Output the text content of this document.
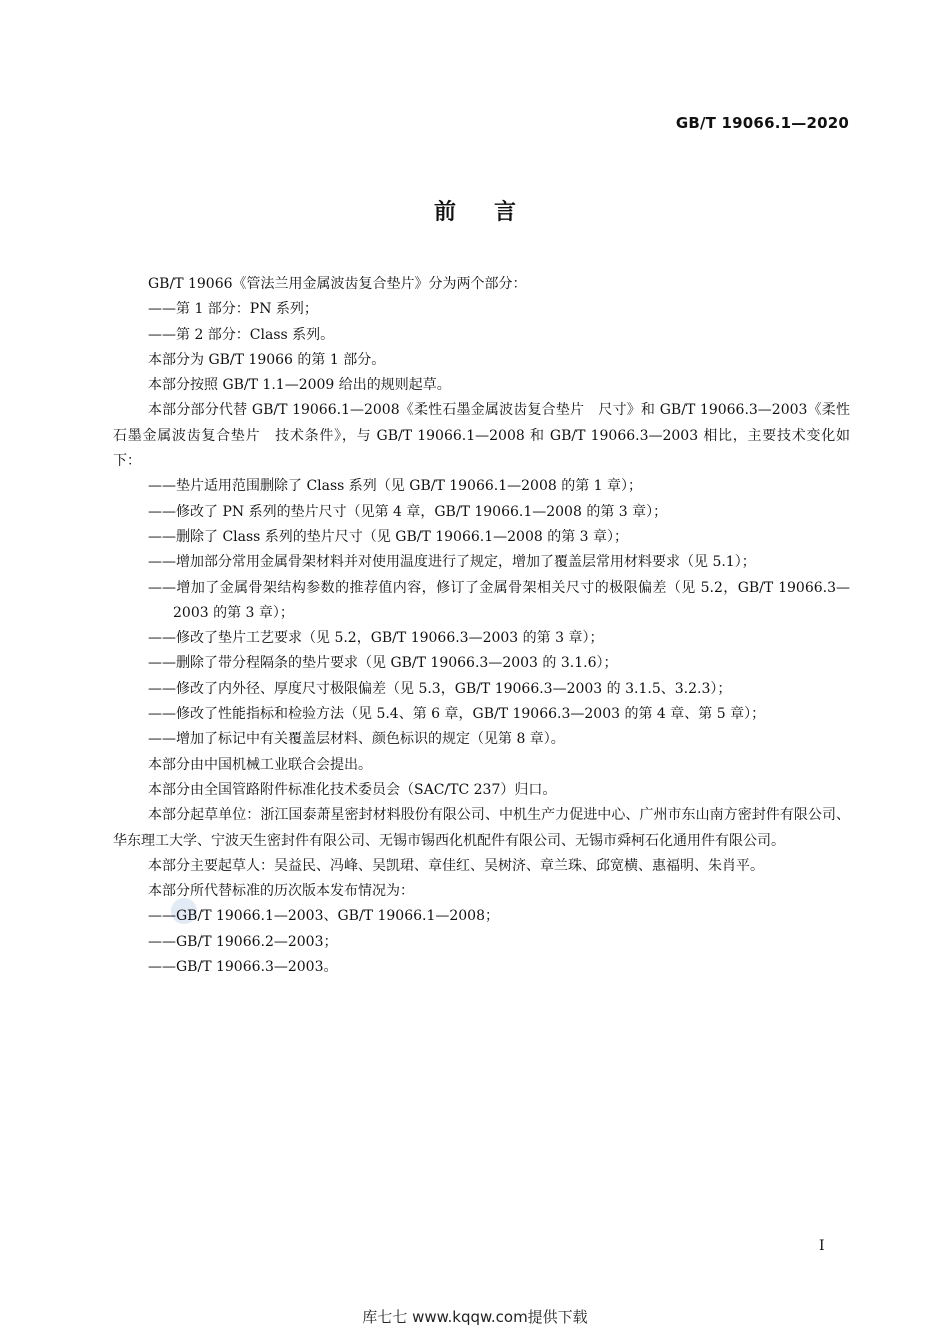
GB/T 19066.1—2020
前言

GB/T 19066《管法兰用金属波齿复合垫片》分为两个部分：

——第 1 部分：PN 系列；

——第 2 部分：Class 系列。

本部分为 GB/T 19066 的第 1 部分。

本部分按照 GB/T 1.1—2009 给出的规则起草。

本部分部分代替 GB/T 19066.1—2008《柔性石墨金属波齿复合垫片　尺寸》和 GB/T 19066.3—2003《柔性石墨金属波齿复合垫片　技术条件》，与 GB/T 19066.1—2008 和 GB/T 19066.3—2003 相比，主要技术变化如下：

——垫片适用范围删除了 Class 系列（见 GB/T 19066.1—2008 的第 1 章）；

——修改了 PN 系列的垫片尺寸（见第 4 章，GB/T 19066.1—2008 的第 3 章）；

——删除了 Class 系列的垫片尺寸（见 GB/T 19066.1—2008 的第 3 章）；

——增加部分常用金属骨架材料并对使用温度进行了规定，增加了覆盖层常用材料要求（见 5.1）；

——增加了金属骨架结构参数的推荐值内容，修订了金属骨架相关尺寸的极限偏差（见 5.2，GB/T 19066.3—2003 的第 3 章）；

——修改了垫片工艺要求（见 5.2，GB/T 19066.3—2003 的第 3 章）；

——删除了带分程隔条的垫片要求（见 GB/T 19066.3—2003 的 3.1.6）；

——修改了内外径、厚度尺寸极限偏差（见 5.3，GB/T 19066.3—2003 的 3.1.5、3.2.3）；

——修改了性能指标和检验方法（见 5.4、第 6 章，GB/T 19066.3—2003 的第 4 章、第 5 章）；

——增加了标记中有关覆盖层材料、颜色标识的规定（见第 8 章）。

本部分由中国机械工业联合会提出。

本部分由全国管路附件标准化技术委员会（SAC/TC 237）归口。

本部分起草单位：浙江国泰萧星密封材料股份有限公司、中机生产力促进中心、广州市东山南方密封件有限公司、华东理工大学、宁波天生密封件有限公司、无锡市锡西化机配件有限公司、无锡市舜柯石化通用件有限公司。

本部分主要起草人：吴益民、冯峰、吴凯珺、章佳红、吴树济、章兰珠、邱宽横、惠福明、朱肖平。

本部分所代替标准的历次版本发布情况为：

——GB/T 19066.1—2003、GB/T 19066.1—2008；

——GB/T 19066.2—2003；

——GB/T 19066.3—2003。

I
库七七 www.kqqw.com提供下载
